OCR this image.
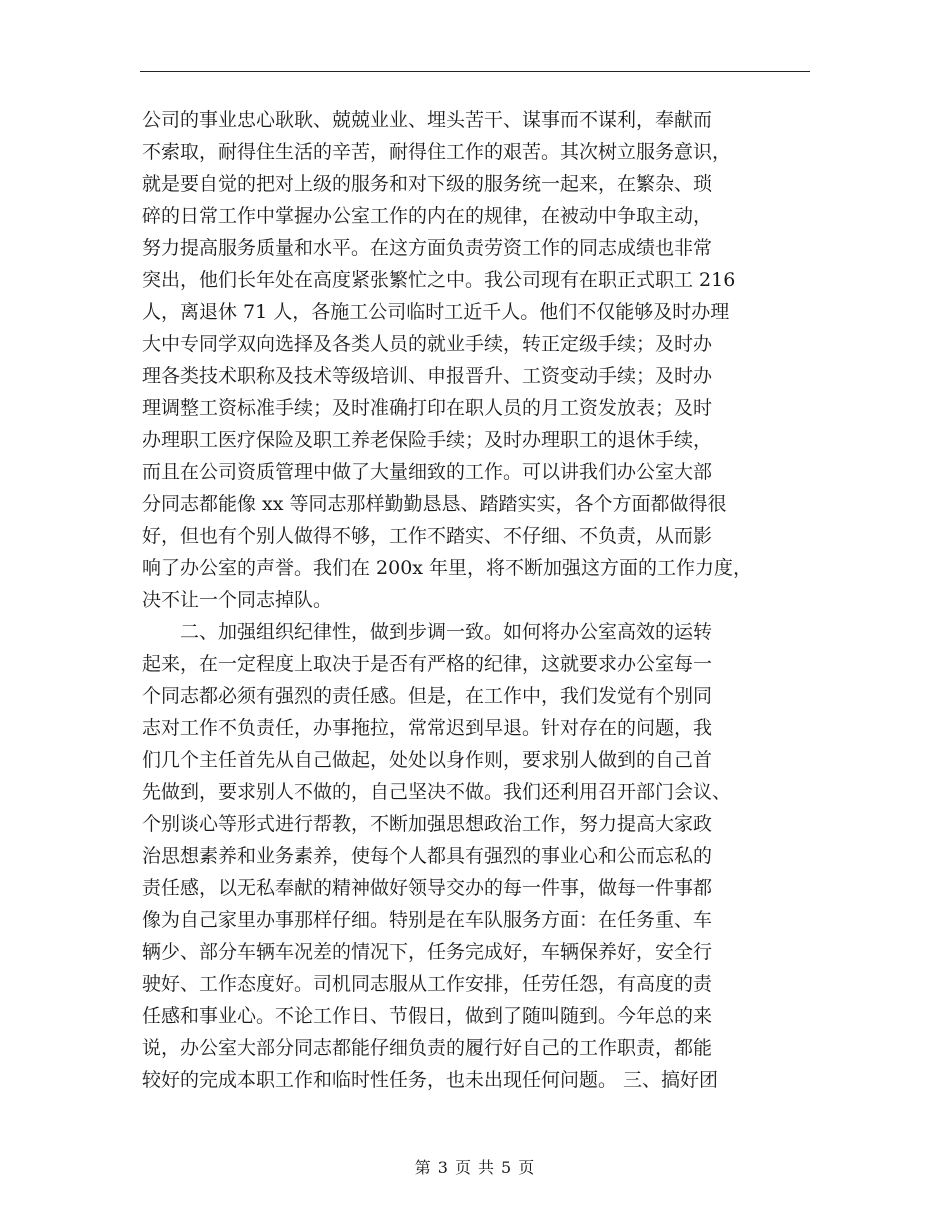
公司的事业忠心耿耿、兢兢业业、埋头苦干、谋事而不谋利，奉献而
不索取，耐得住生活的辛苦，耐得住工作的艰苦。其次树立服务意识，
就是要自觉的把对上级的服务和对下级的服务统一起来，在繁杂、琐
碎的日常工作中掌握办公室工作的内在的规律，在被动中争取主动，
努力提高服务质量和水平。在这方面负责劳资工作的同志成绩也非常
突出，他们长年处在高度紧张繁忙之中。我公司现有在职正式职工 216
人，离退休 71 人，各施工公司临时工近千人。他们不仅能够及时办理
大中专同学双向选择及各类人员的就业手续，转正定级手续；及时办
理各类技术职称及技术等级培训、申报晋升、工资变动手续；及时办
理调整工资标准手续；及时准确打印在职人员的月工资发放表；及时
办理职工医疗保险及职工养老保险手续；及时办理职工的退休手续，
而且在公司资质管理中做了大量细致的工作。可以讲我们办公室大部
分同志都能像 xx 等同志那样勤勤恳恳、踏踏实实，各个方面都做得很
好，但也有个别人做得不够，工作不踏实、不仔细、不负责，从而影
响了办公室的声誉。我们在 200x 年里，将不断加强这方面的工作力度，
决不让一个同志掉队。
二、加强组织纪律性，做到步调一致。如何将办公室高效的运转
起来，在一定程度上取决于是否有严格的纪律，这就要求办公室每一
个同志都必须有强烈的责任感。但是，在工作中，我们发觉有个别同
志对工作不负责任，办事拖拉，常常迟到早退。针对存在的问题，我
们几个主任首先从自己做起，处处以身作则，要求别人做到的自己首
先做到，要求别人不做的，自己坚决不做。我们还利用召开部门会议、
个别谈心等形式进行帮教，不断加强思想政治工作，努力提高大家政
治思想素养和业务素养，使每个人都具有强烈的事业心和公而忘私的
责任感，以无私奉献的精神做好领导交办的每一件事，做每一件事都
像为自己家里办事那样仔细。特别是在车队服务方面：在任务重、车
辆少、部分车辆车况差的情况下，任务完成好，车辆保养好，安全行
驶好、工作态度好。司机同志服从工作安排，任劳任怨，有高度的责
任感和事业心。不论工作日、节假日，做到了随叫随到。今年总的来
说，办公室大部分同志都能仔细负责的履行好自己的工作职责，都能
较好的完成本职工作和临时性任务，也未出现任何问题。 三、搞好团
第 3 页 共 5 页
